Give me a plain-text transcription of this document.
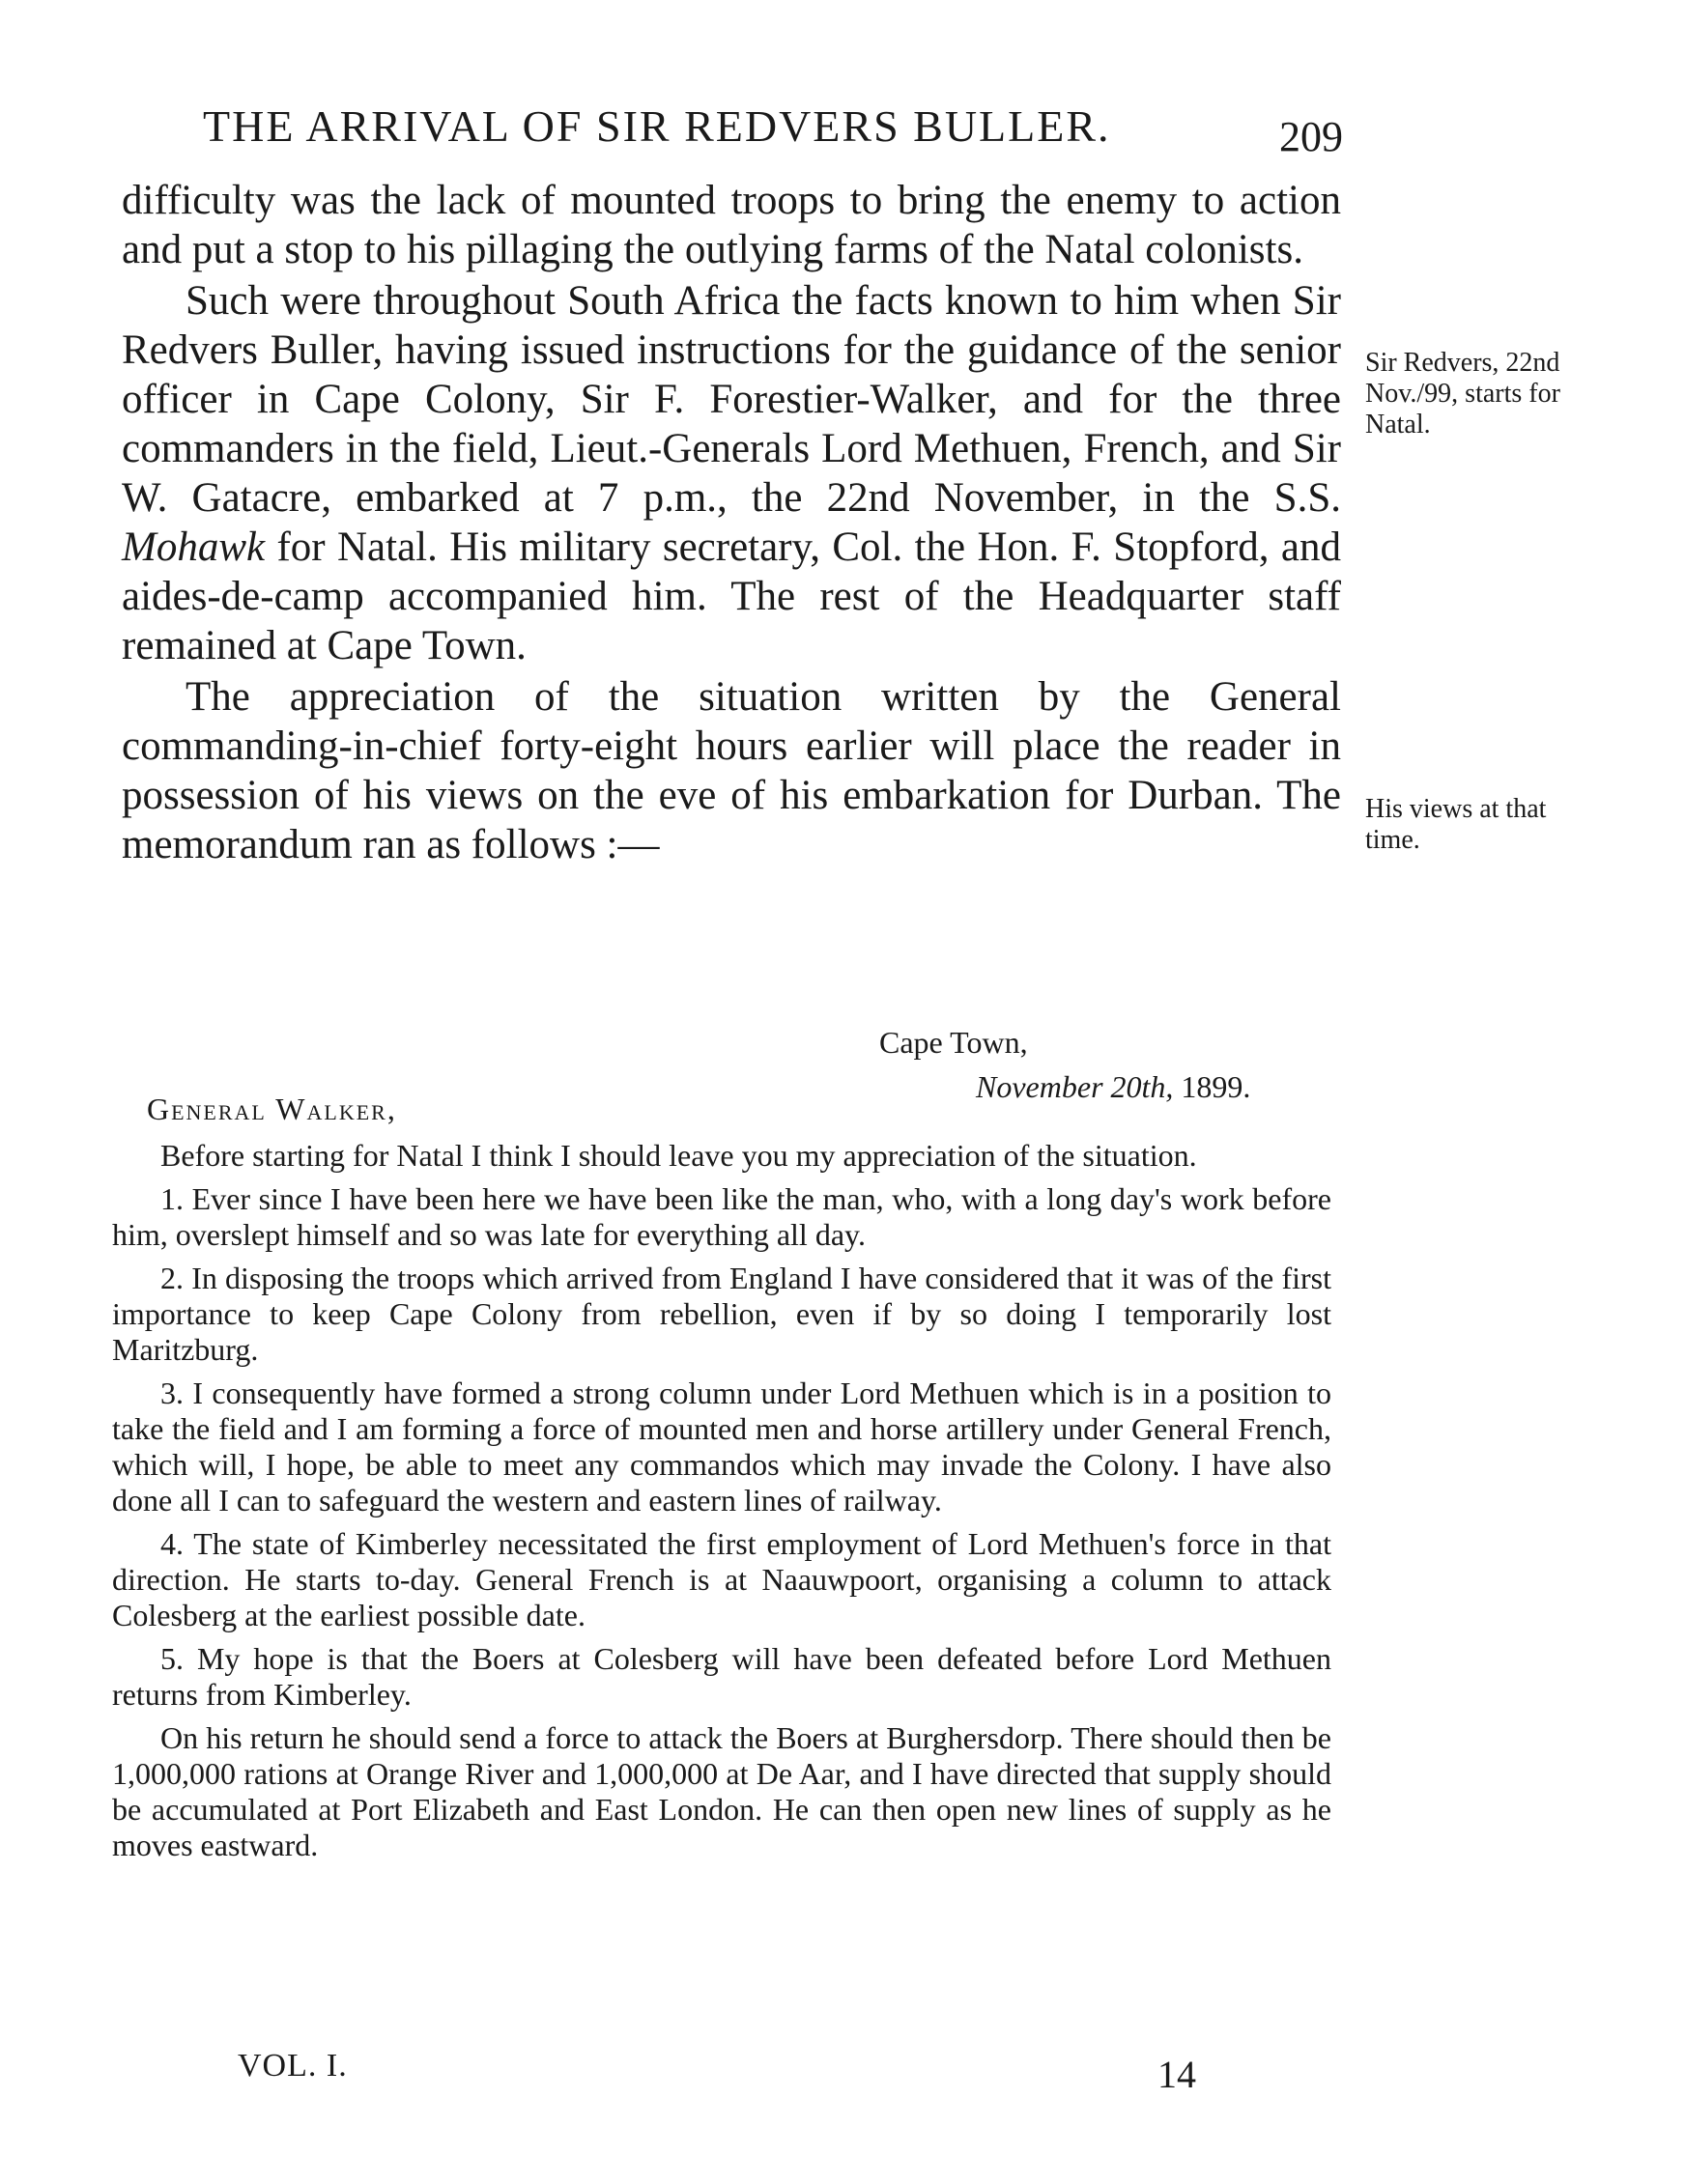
THE ARRIVAL OF SIR REDVERS BULLER.	209

difficulty was the lack of mounted troops to bring the enemy to action and put a stop to his pillaging the outlying farms of the Natal colonists.

Such were throughout South Africa the facts known to him when Sir Redvers Buller, having issued instructions for the guidance of the senior officer in Cape Colony, Sir F. Forestier-Walker, and for the three commanders in the field, Lieut.-Generals Lord Methuen, French, and Sir W. Gatacre, embarked at 7 p.m., the 22nd November, in the S.S. Mohawk for Natal. His military secretary, Col. the Hon. F. Stopford, and aides-de-camp accompanied him. The rest of the Headquarter staff remained at Cape Town.

The appreciation of the situation written by the General commanding-in-chief forty-eight hours earlier will place the reader in possession of his views on the eve of his embarkation for Durban. The memorandum ran as follows :—

Sir Redvers, 22nd Nov./99, starts for Natal.

His views at that time.

Cape Town,
November 20th, 1899.
General Walker,

Before starting for Natal I think I should leave you my appreciation of the situation.

1. Ever since I have been here we have been like the man, who, with a long day's work before him, overslept himself and so was late for everything all day.

2. In disposing the troops which arrived from England I have considered that it was of the first importance to keep Cape Colony from rebellion, even if by so doing I temporarily lost Maritzburg.

3. I consequently have formed a strong column under Lord Methuen which is in a position to take the field and I am forming a force of mounted men and horse artillery under General French, which will, I hope, be able to meet any commandos which may invade the Colony. I have also done all I can to safeguard the western and eastern lines of railway.

4. The state of Kimberley necessitated the first employment of Lord Methuen's force in that direction. He starts to-day. General French is at Naauwpoort, organising a column to attack Colesberg at the earliest possible date.

5. My hope is that the Boers at Colesberg will have been defeated before Lord Methuen returns from Kimberley.

On his return he should send a force to attack the Boers at Burghersdorp. There should then be 1,000,000 rations at Orange River and 1,000,000 at De Aar, and I have directed that supply should be accumulated at Port Elizabeth and East London. He can then open new lines of supply as he moves eastward.

VOL. I.	14
